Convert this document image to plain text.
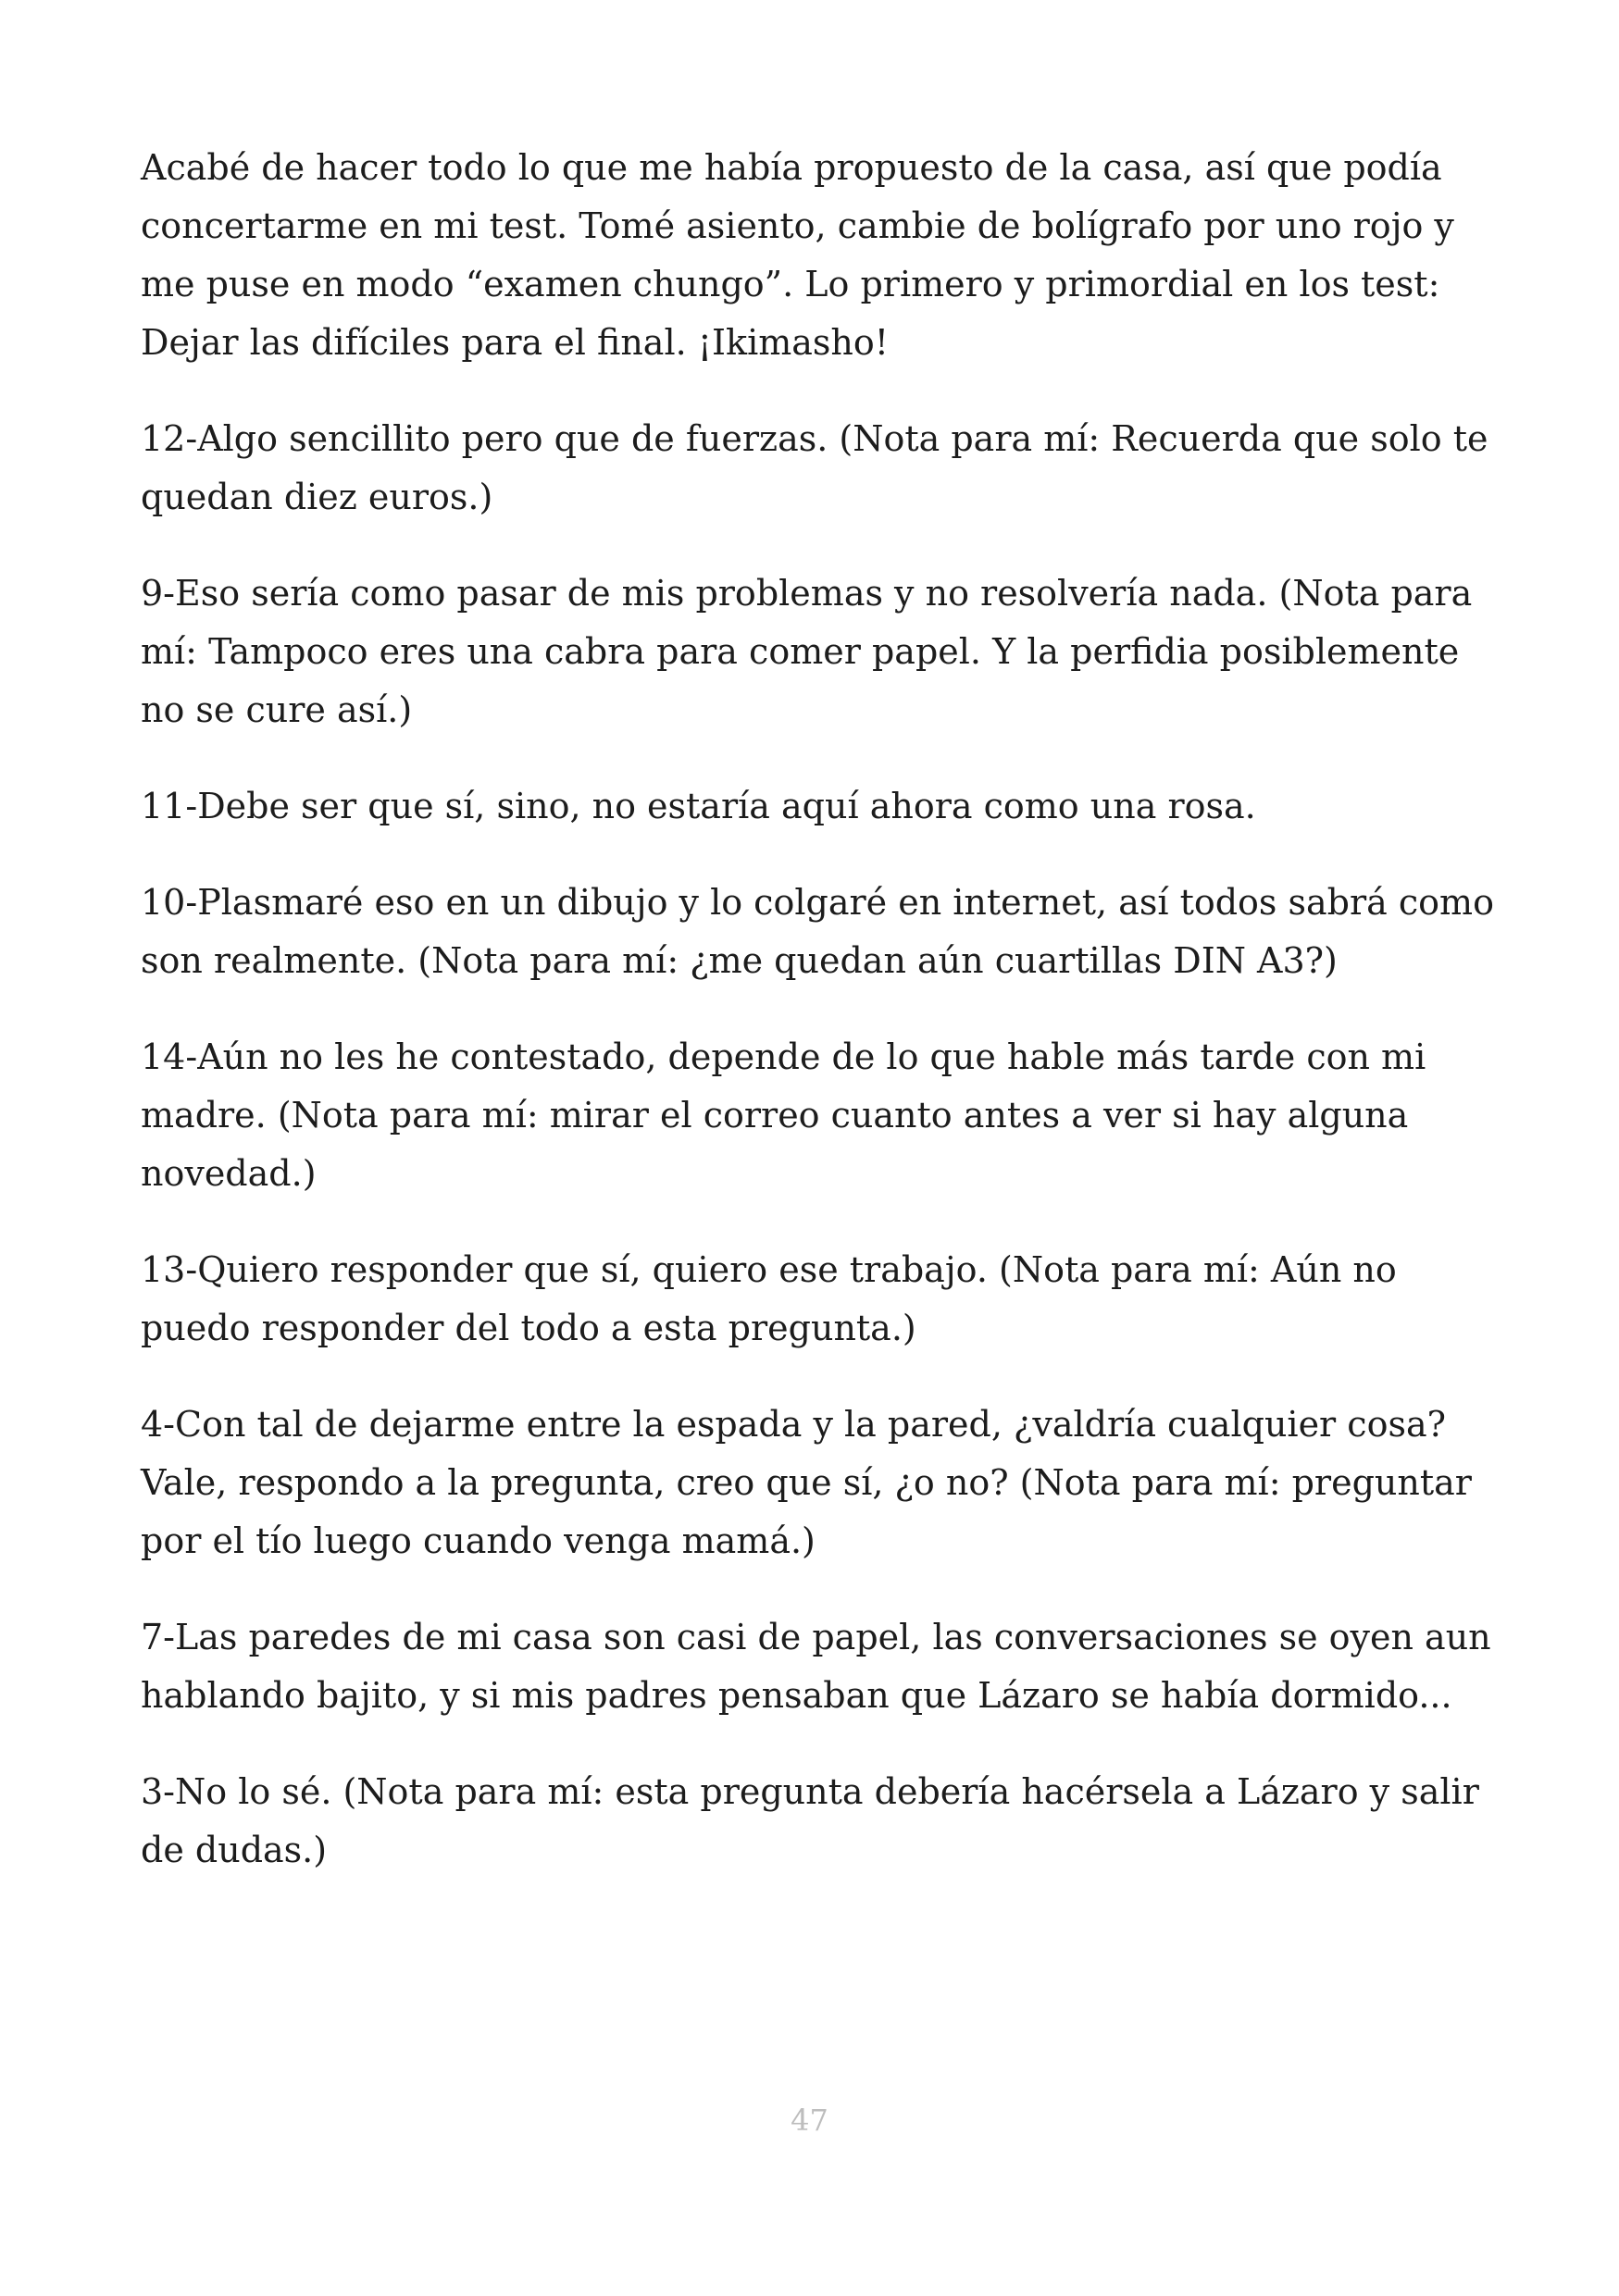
Acabé de hacer todo lo que me había propuesto de la casa, así que podía concertarme en mi test. Tomé asiento, cambie de bolígrafo por uno rojo y me puse en modo “examen chungo”. Lo primero y primordial en los test: Dejar las difíciles para el final. ¡Ikimasho!

12-Algo sencillito pero que de fuerzas. (Nota para mí: Recuerda que solo te quedan diez euros.)

9-Eso sería como pasar de mis problemas y no resolvería nada. (Nota para mí: Tampoco eres una cabra para comer papel. Y la perfidia posiblemente no se cure así.)

11-Debe ser que sí, sino, no estaría aquí ahora como una rosa.

10-Plasmaré eso en un dibujo y lo colgaré en internet, así todos sabrá como son realmente. (Nota para mí: ¿me quedan aún cuartillas DIN A3?)

14-Aún no les he contestado, depende de lo que hable más tarde con mi madre. (Nota para mí: mirar el correo cuanto antes a ver si hay alguna novedad.)

13-Quiero responder que sí, quiero ese trabajo. (Nota para mí: Aún no puedo responder del todo a esta pregunta.)

4-Con tal de dejarme entre la espada y la pared, ¿valdría cualquier cosa? Vale, respondo a la pregunta, creo que sí, ¿o no? (Nota para mí: preguntar por el tío luego cuando venga mamá.)

7-Las paredes de mi casa son casi de papel, las conversaciones se oyen aun hablando bajito, y si mis padres pensaban que Lázaro se había dormido...

3-No lo sé. (Nota para mí: esta pregunta debería hacérsela a Lázaro y salir de dudas.)

47
